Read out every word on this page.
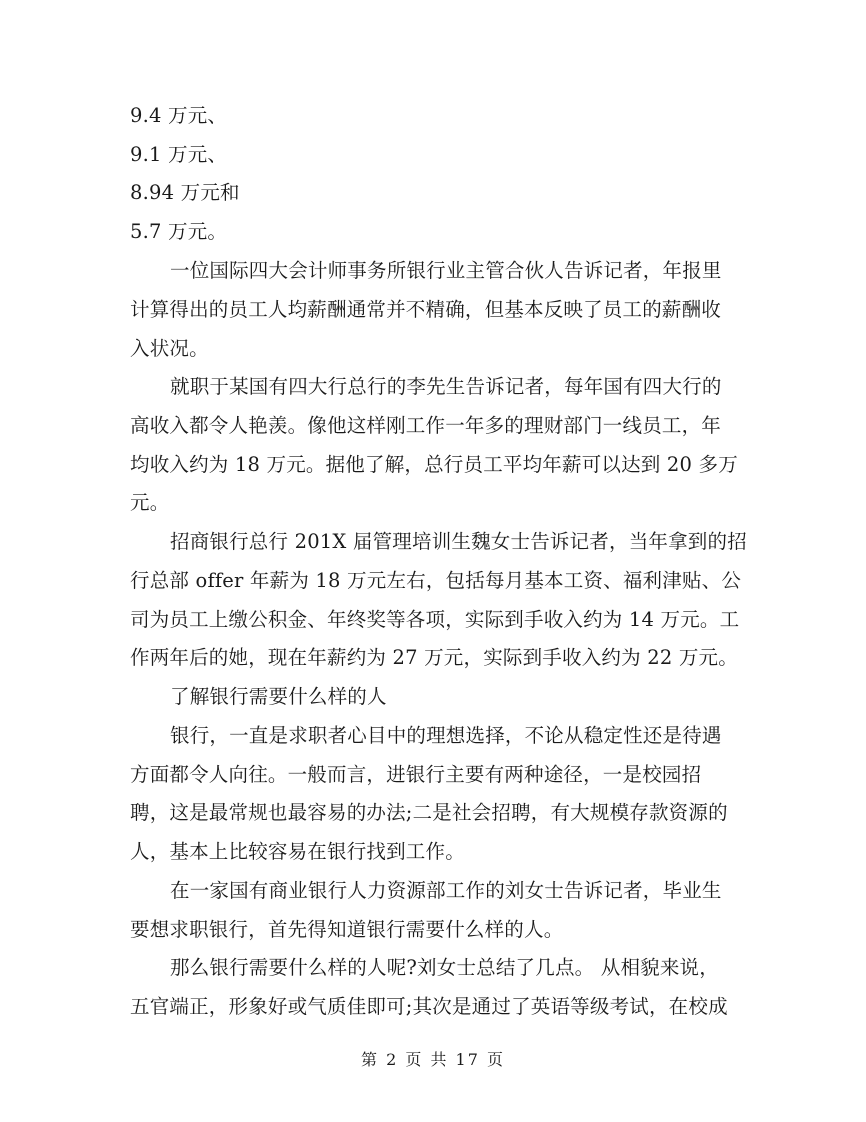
9.4 万元、
9.1 万元、
8.94 万元和
5.7 万元。
一位国际四大会计师事务所银行业主管合伙人告诉记者，年报里
计算得出的员工人均薪酬通常并不精确，但基本反映了员工的薪酬收
入状况。
就职于某国有四大行总行的李先生告诉记者，每年国有四大行的
高收入都令人艳羡。像他这样刚工作一年多的理财部门一线员工，年
均收入约为 18 万元。据他了解，总行员工平均年薪可以达到 20 多万
元。
招商银行总行 201X 届管理培训生魏女士告诉记者，当年拿到的招
行总部 offer 年薪为 18 万元左右，包括每月基本工资、福利津贴、公
司为员工上缴公积金、年终奖等各项，实际到手收入约为 14 万元。工
作两年后的她，现在年薪约为 27 万元，实际到手收入约为 22 万元。
了解银行需要什么样的人
银行，一直是求职者心目中的理想选择，不论从稳定性还是待遇
方面都令人向往。一般而言，进银行主要有两种途径，一是校园招
聘，这是最常规也最容易的办法;二是社会招聘，有大规模存款资源的
人，基本上比较容易在银行找到工作。
在一家国有商业银行人力资源部工作的刘女士告诉记者，毕业生
要想求职银行，首先得知道银行需要什么样的人。
那么银行需要什么样的人呢?刘女士总结了几点。 从相貌来说，
五官端正，形象好或气质佳即可;其次是通过了英语等级考试，在校成
第 2 页 共 17 页
